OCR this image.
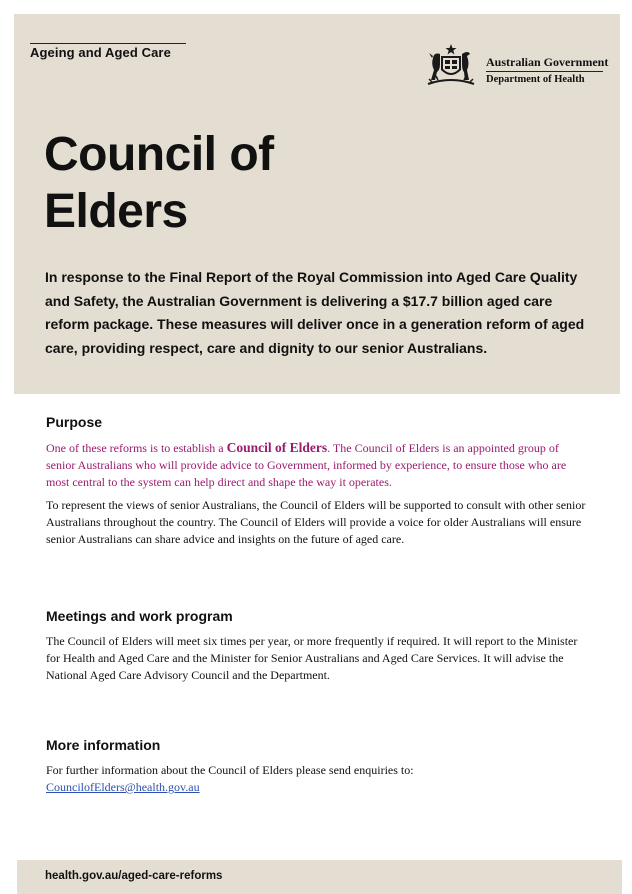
Ageing and Aged Care
Australian Government
Department of Health
Council of
Elders

In response to the Final Report of the Royal Commission into Aged Care Quality and Safety, the Australian Government is delivering a $17.7 billion aged care reform package. These measures will deliver once in a generation reform of aged care, providing respect, care and dignity to our senior Australians.

Purpose

One of these reforms is to establish a Council of Elders. The Council of Elders is an appointed group of senior Australians who will provide advice to Government, informed by experience, to ensure those who are most central to the system can help direct and shape the way it operates.

To represent the views of senior Australians, the Council of Elders will be supported to consult with other senior Australians throughout the country. The Council of Elders will provide a voice for older Australians will ensure senior Australians can share advice and insights on the future of aged care.

Meetings and work program

The Council of Elders will meet six times per year, or more frequently if required. It will report to the Minister for Health and Aged Care and the Minister for Senior Australians and Aged Care Services. It will advise the National Aged Care Advisory Council and the Department.

More information

For further information about the Council of Elders please send enquiries to:
CouncilofElders@health.gov.au

health.gov.au/aged-care-reforms
